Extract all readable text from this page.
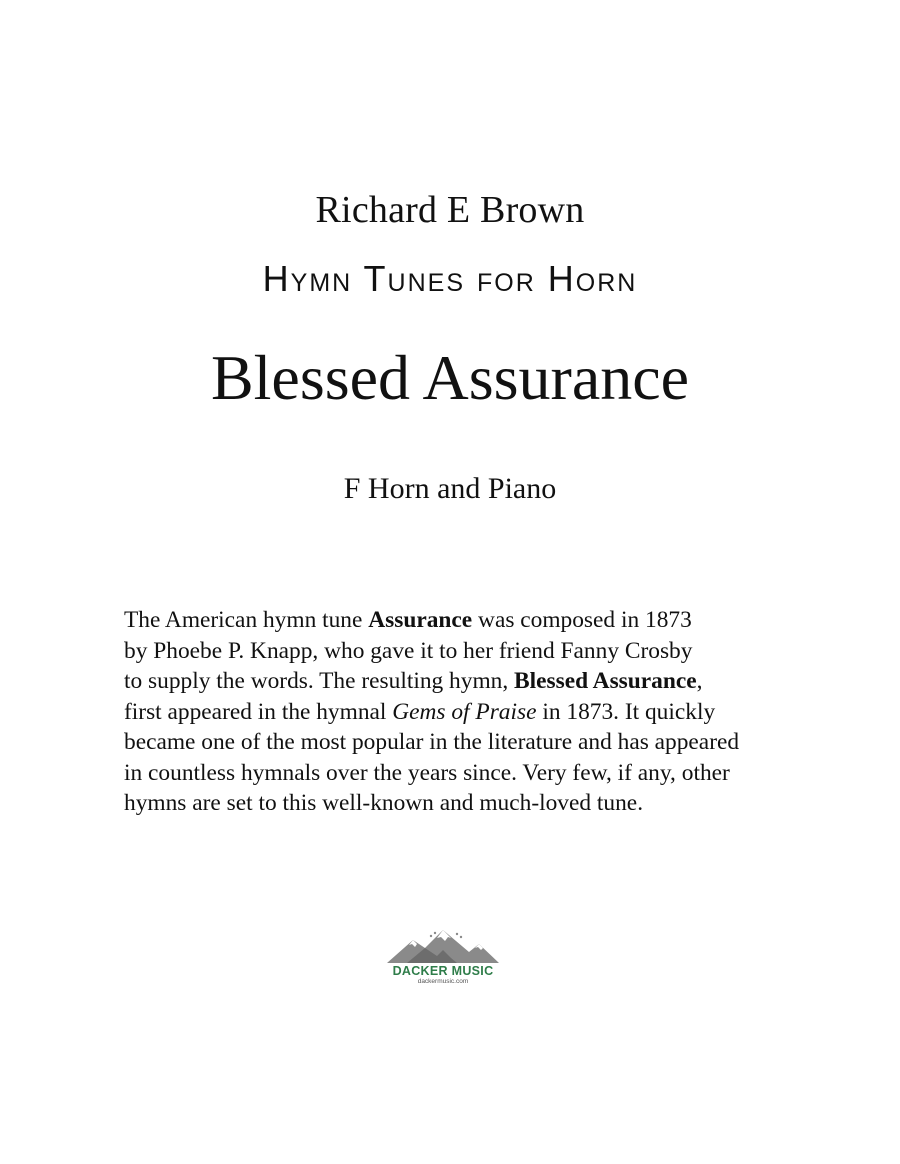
Richard E Brown
Hymn Tunes for Horn
Blessed Assurance
F Horn and Piano
The American hymn tune Assurance was composed in 1873
by Phoebe P. Knapp, who gave it to her friend Fanny Crosby
to supply the words. The resulting hymn, Blessed Assurance,
first appeared in the hymnal Gems of Praise in 1873. It quickly
became one of the most popular in the literature and has appeared
in countless hymnals over the years since. Very few, if any, other
hymns are set to this well-known and much-loved tune.
DACKER MUSIC
dackermusic.com
